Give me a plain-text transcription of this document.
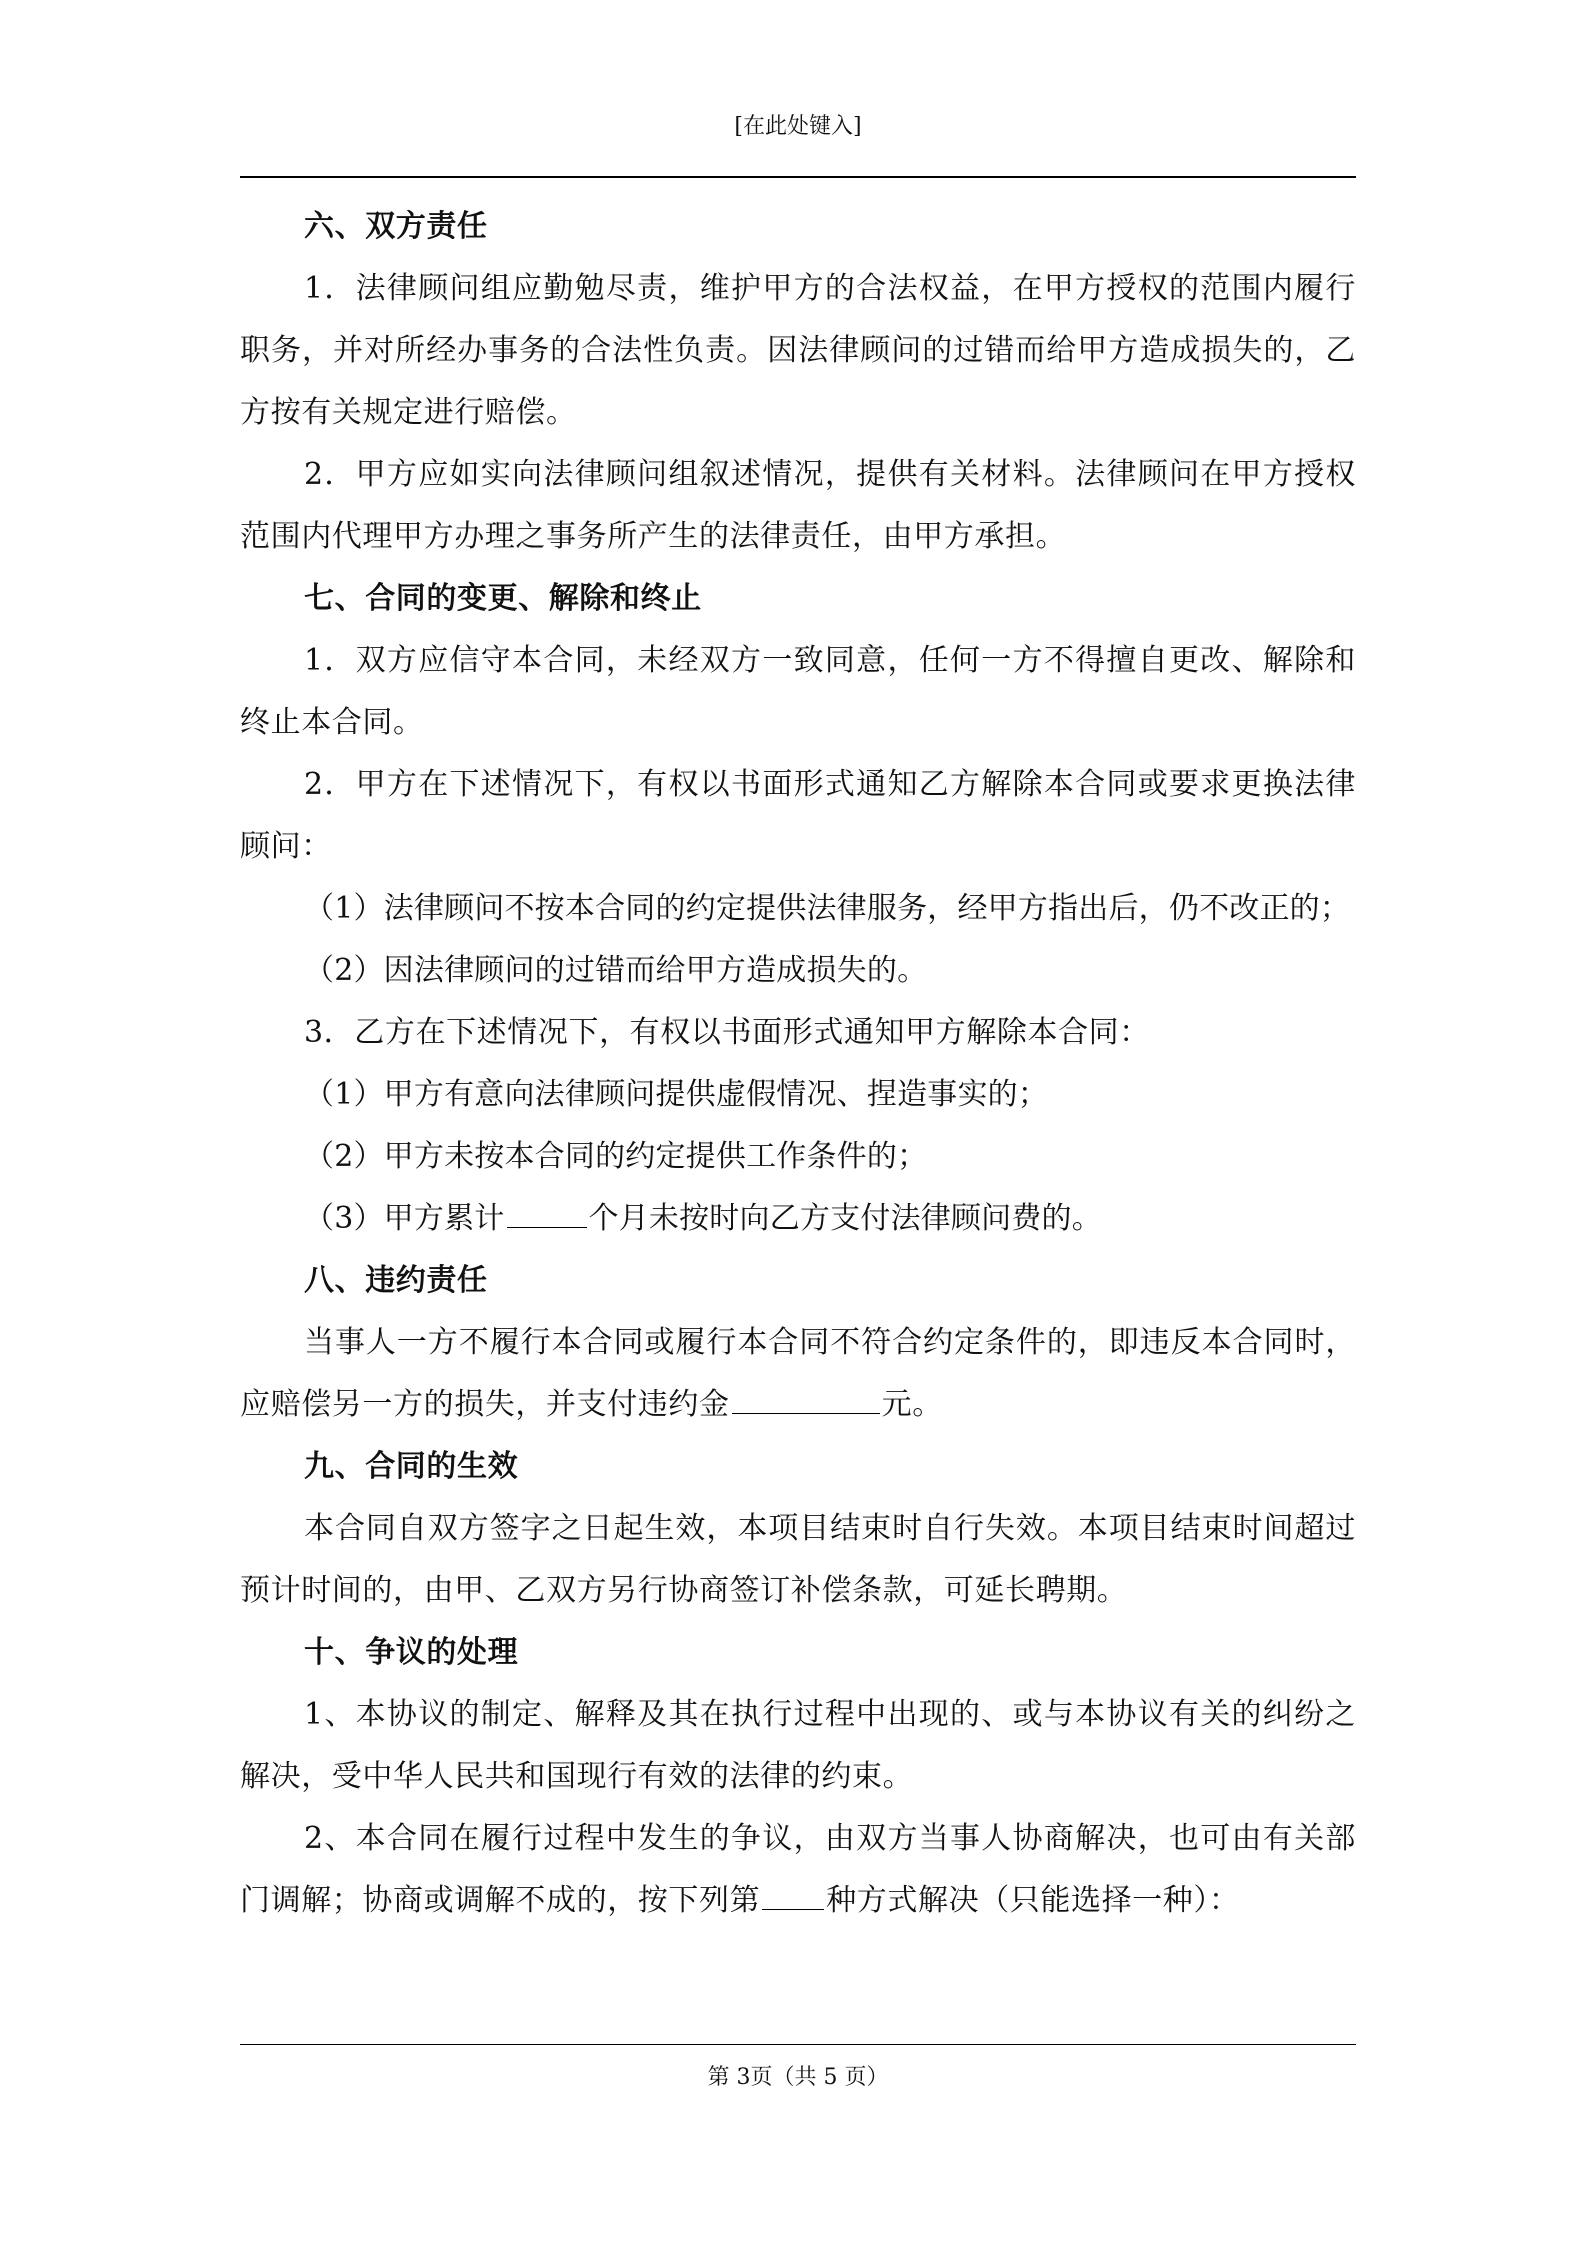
[在此处键入]

六、双方责任

1．法律顾问组应勤勉尽责，维护甲方的合法权益，在甲方授权的范围内履行职务，并对所经办事务的合法性负责。因法律顾问的过错而给甲方造成损失的，乙方按有关规定进行赔偿。

2．甲方应如实向法律顾问组叙述情况，提供有关材料。法律顾问在甲方授权范围内代理甲方办理之事务所产生的法律责任，由甲方承担。

七、合同的变更、解除和终止

1．双方应信守本合同，未经双方一致同意，任何一方不得擅自更改、解除和终止本合同。

2．甲方在下述情况下，有权以书面形式通知乙方解除本合同或要求更换法律顾问：

（1）法律顾问不按本合同的约定提供法律服务，经甲方指出后，仍不改正的；

（2）因法律顾问的过错而给甲方造成损失的。

3．乙方在下述情况下，有权以书面形式通知甲方解除本合同：

（1）甲方有意向法律顾问提供虚假情况、捏造事实的；

（2）甲方未按本合同的约定提供工作条件的；

（3）甲方累计	个月未按时向乙方支付法律顾问费的。

八、违约责任

当事人一方不履行本合同或履行本合同不符合约定条件的，即违反本合同时，应赔偿另一方的损失，并支付违约金	元。

九、合同的生效

本合同自双方签字之日起生效，本项目结束时自行失效。本项目结束时间超过预计时间的，由甲、乙双方另行协商签订补偿条款，可延长聘期。

十、争议的处理

1、本协议的制定、解释及其在执行过程中出现的、或与本协议有关的纠纷之解决，受中华人民共和国现行有效的法律的约束。

2、本合同在履行过程中发生的争议，由双方当事人协商解决，也可由有关部门调解；协商或调解不成的，按下列第 种方式解决（只能选择一种）：

第 3页（共 5 页）
